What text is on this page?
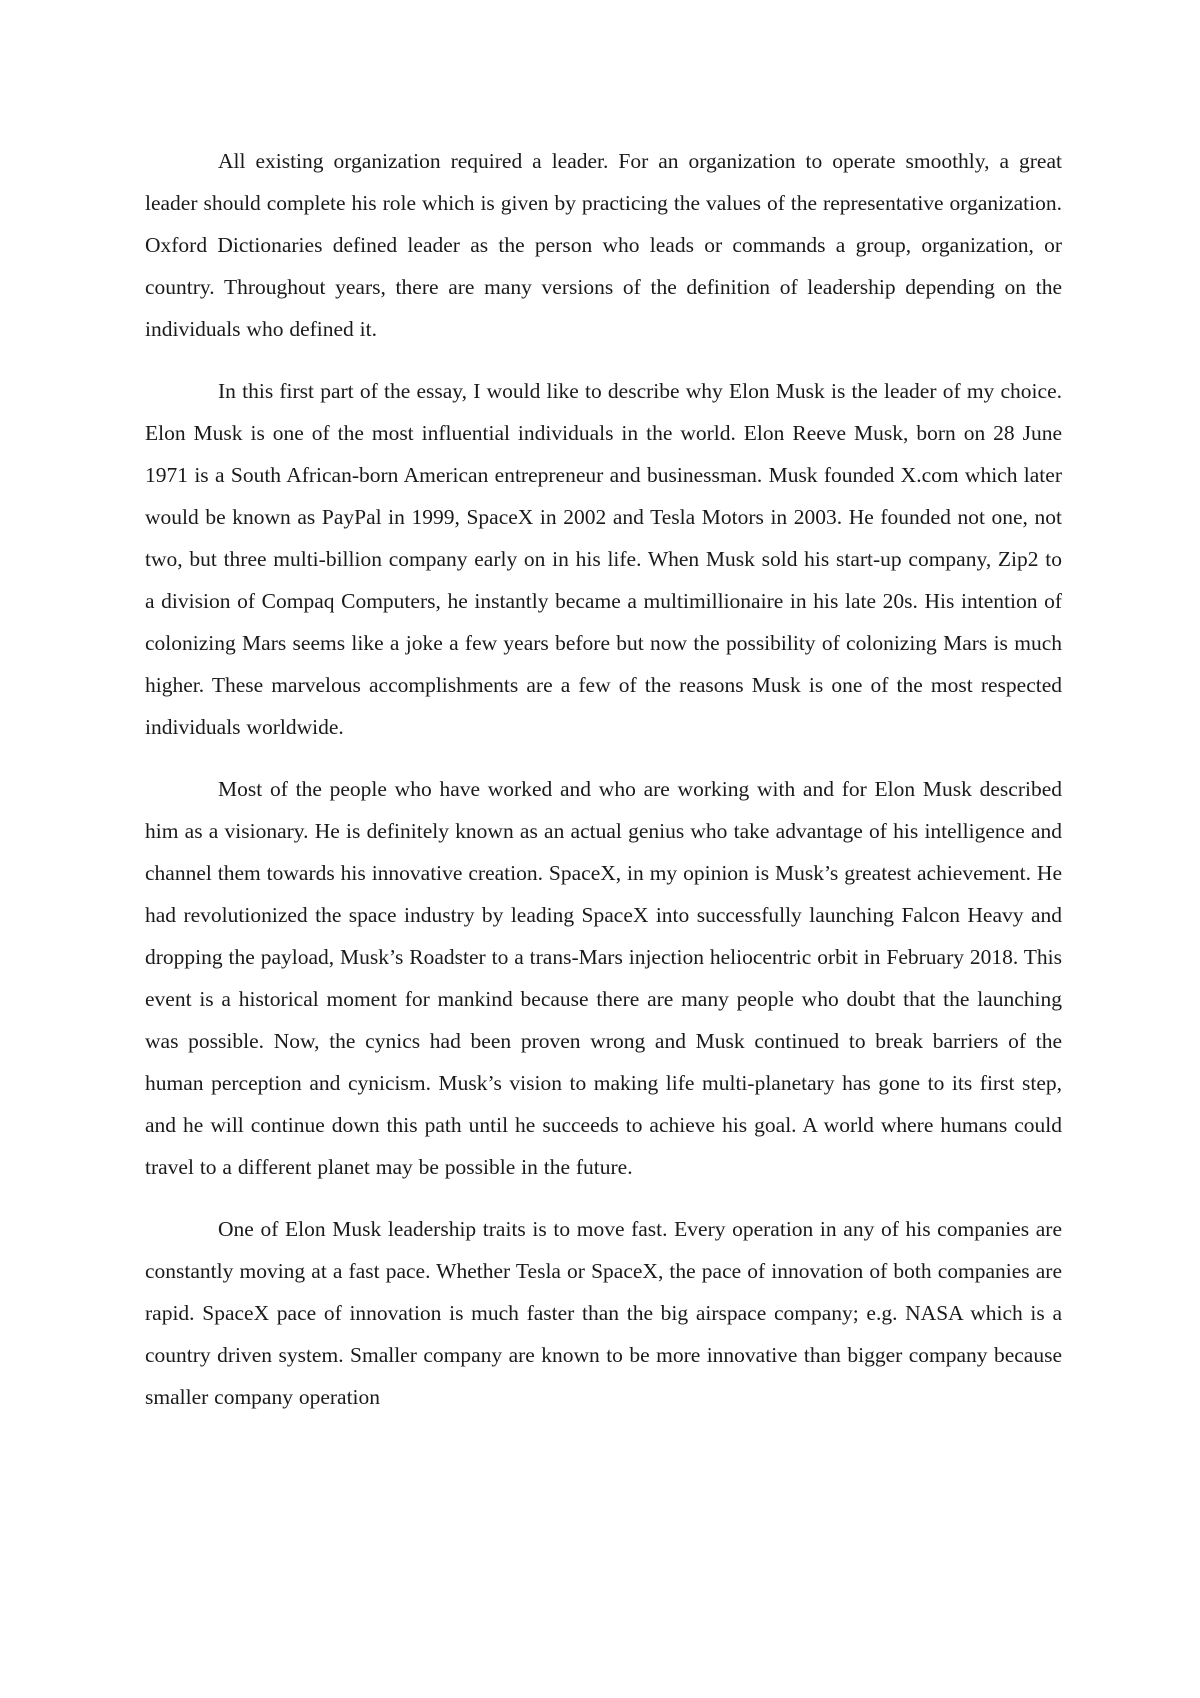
All existing organization required a leader. For an organization to operate smoothly, a great leader should complete his role which is given by practicing the values of the representative organization. Oxford Dictionaries defined leader as the person who leads or commands a group, organization, or country. Throughout years, there are many versions of the definition of leadership depending on the individuals who defined it.

In this first part of the essay, I would like to describe why Elon Musk is the leader of my choice. Elon Musk is one of the most influential individuals in the world. Elon Reeve Musk, born on 28 June 1971 is a South African-born American entrepreneur and businessman. Musk founded X.com which later would be known as PayPal in 1999, SpaceX in 2002 and Tesla Motors in 2003. He founded not one, not two, but three multi-billion company early on in his life. When Musk sold his start-up company, Zip2 to a division of Compaq Computers, he instantly became a multimillionaire in his late 20s. His intention of colonizing Mars seems like a joke a few years before but now the possibility of colonizing Mars is much higher. These marvelous accomplishments are a few of the reasons Musk is one of the most respected individuals worldwide.

Most of the people who have worked and who are working with and for Elon Musk described him as a visionary. He is definitely known as an actual genius who take advantage of his intelligence and channel them towards his innovative creation. SpaceX, in my opinion is Musk’s greatest achievement. He had revolutionized the space industry by leading SpaceX into successfully launching Falcon Heavy and dropping the payload, Musk’s Roadster to a trans-Mars injection heliocentric orbit in February 2018. This event is a historical moment for mankind because there are many people who doubt that the launching was possible. Now, the cynics had been proven wrong and Musk continued to break barriers of the human perception and cynicism. Musk’s vision to making life multi-planetary has gone to its first step, and he will continue down this path until he succeeds to achieve his goal. A world where humans could travel to a different planet may be possible in the future.

One of Elon Musk leadership traits is to move fast. Every operation in any of his companies are constantly moving at a fast pace. Whether Tesla or SpaceX, the pace of innovation of both companies are rapid. SpaceX pace of innovation is much faster than the big airspace company; e.g. NASA which is a country driven system. Smaller company are known to be more innovative than bigger company because smaller company operation
